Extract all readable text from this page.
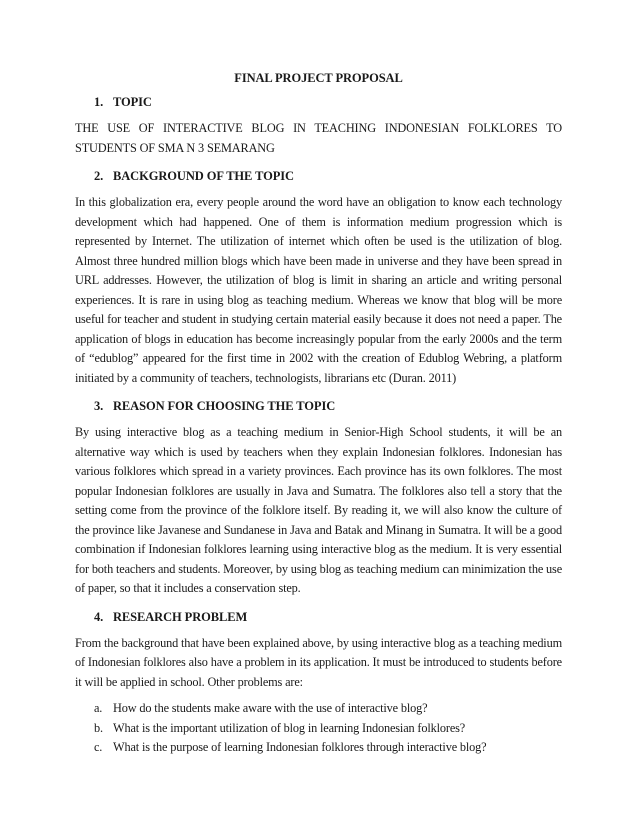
FINAL PROJECT PROPOSAL
1. TOPIC

THE USE OF INTERACTIVE BLOG IN TEACHING INDONESIAN FOLKLORES TO STUDENTS OF SMA N 3 SEMARANG

2. BACKGROUND OF THE TOPIC

In this globalization era, every people around the word have an obligation to know each technology development which had happened. One of them is information medium progression which is represented by Internet. The utilization of internet which often be used is the utilization of blog. Almost three hundred million blogs which have been made in universe and they have been spread in URL addresses. However, the utilization of blog is limit in sharing an article and writing personal experiences. It is rare in using blog as teaching medium. Whereas we know that blog will be more useful for teacher and student in studying certain material easily because it does not need a paper. The application of blogs in education has become increasingly popular from the early 2000s and the term of “edublog” appeared for the first time in 2002 with the creation of Edublog Webring, a platform initiated by a community of teachers, technologists, librarians etc (Duran. 2011)

3. REASON FOR CHOOSING THE TOPIC

By using interactive blog as a teaching medium in Senior-High School students, it will be an alternative way which is used by teachers when they explain Indonesian folklores. Indonesian has various folklores which spread in a variety provinces. Each province has its own folklores. The most popular Indonesian folklores are usually in Java and Sumatra. The folklores also tell a story that the setting come from the province of the folklore itself. By reading it, we will also know the culture of the province like Javanese and Sundanese in Java and Batak and Minang in Sumatra. It will be a good combination if Indonesian folklores learning using interactive blog as the medium. It is very essential for both teachers and students. Moreover, by using blog as teaching medium can minimization the use of paper, so that it includes a conservation step.

4. RESEARCH PROBLEM

From the background that have been explained above, by using interactive blog as a teaching medium of Indonesian folklores also have a problem in its application. It must be introduced to students before it will be applied in school. Other problems are:

a. How do the students make aware with the use of interactive blog?
b. What is the important utilization of blog in learning Indonesian folklores?
c. What is the purpose of learning Indonesian folklores through interactive blog?
